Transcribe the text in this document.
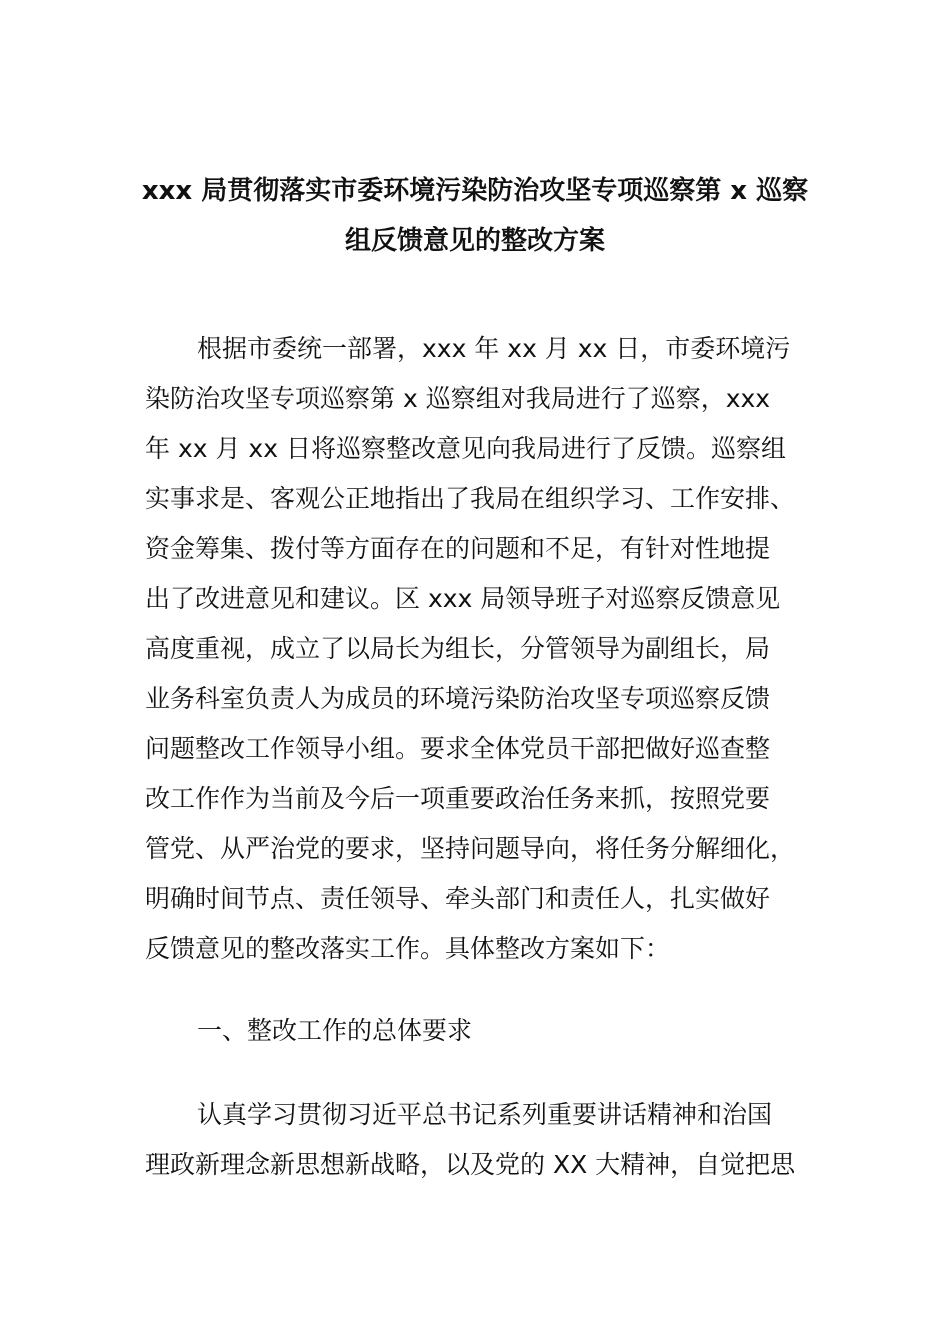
xxx 局贯彻落实市委环境污染防治攻坚专项巡察第 x 巡察
组反馈意见的整改方案
根据市委统一部署，xxx 年 xx 月 xx 日，市委环境污
染防治攻坚专项巡察第 x 巡察组对我局进行了巡察，xxx
年 xx 月 xx 日将巡察整改意见向我局进行了反馈。巡察组
实事求是、客观公正地指出了我局在组织学习、工作安排、
资金筹集、拨付等方面存在的问题和不足，有针对性地提
出了改进意见和建议。区 xxx 局领导班子对巡察反馈意见
高度重视，成立了以局长为组长，分管领导为副组长，局
业务科室负责人为成员的环境污染防治攻坚专项巡察反馈
问题整改工作领导小组。要求全体党员干部把做好巡查整
改工作作为当前及今后一项重要政治任务来抓，按照党要
管党、从严治党的要求，坚持问题导向，将任务分解细化，
明确时间节点、责任领导、牵头部门和责任人，扎实做好
反馈意见的整改落实工作。具体整改方案如下：
一、整改工作的总体要求
认真学习贯彻习近平总书记系列重要讲话精神和治国
理政新理念新思想新战略，以及党的 XX 大精神，自觉把思
